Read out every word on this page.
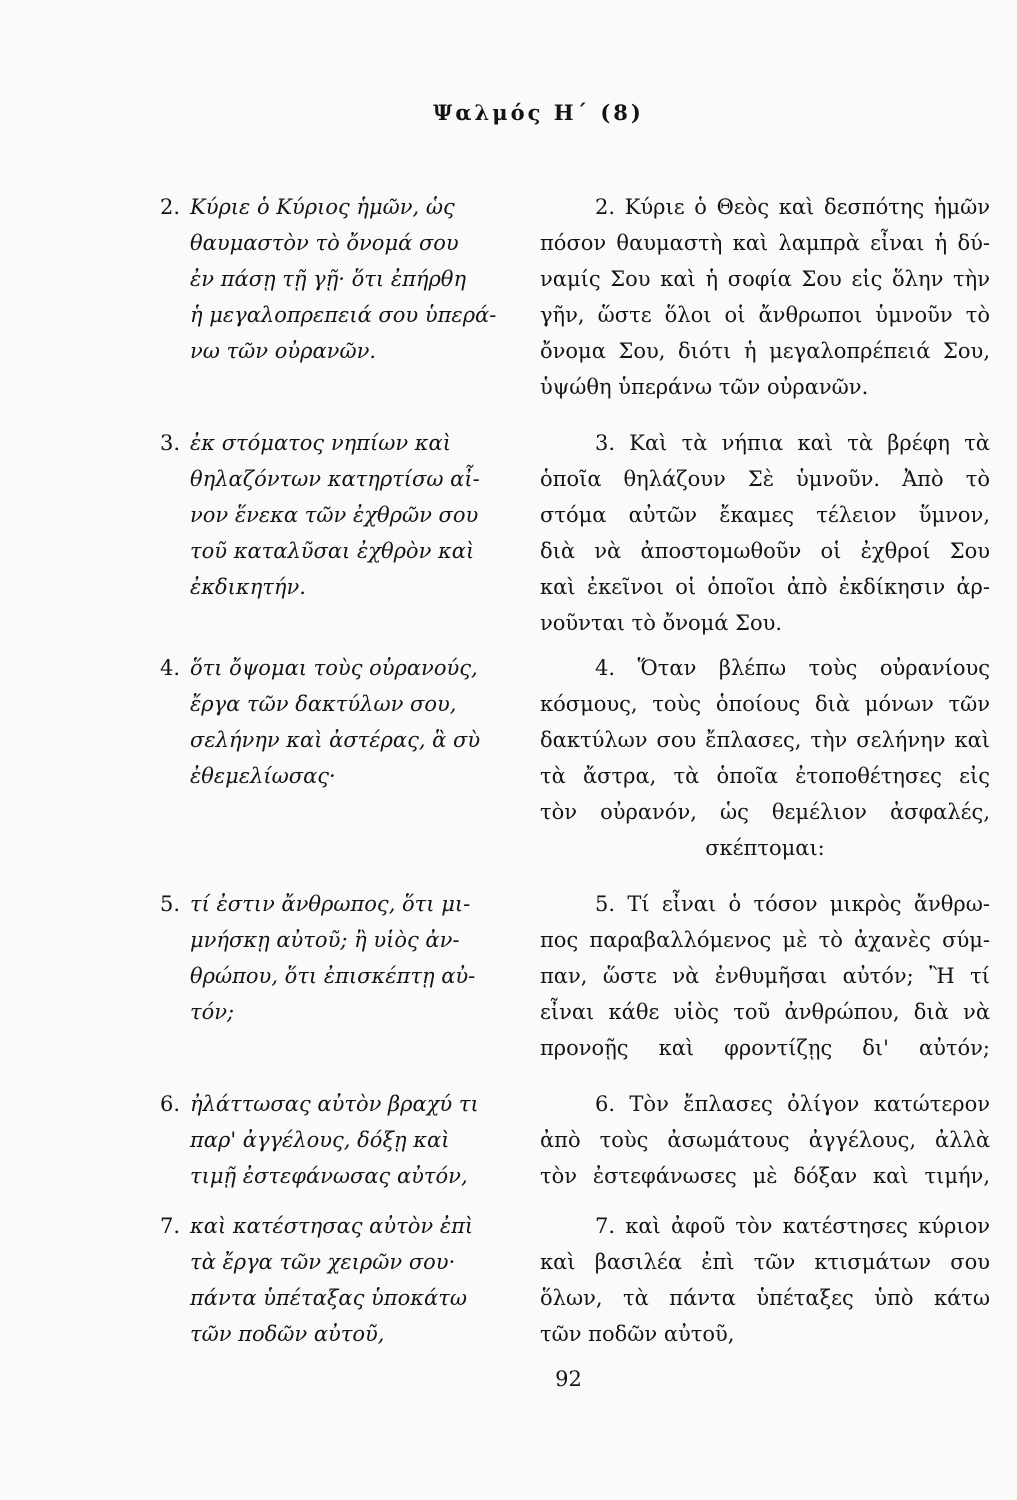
Ψαλμός Η΄ (8)
2. Κύριε ὁ Κύριος ἡμῶν, ὡς
θαυμαστὸν τὸ ὄνομά σου
ἐν πάσῃ τῇ γῇ· ὅτι ἐπήρθη
ἡ μεγαλοπρεπειά σου ὑπερά-
νω τῶν οὐρανῶν.
2. Κύριε ὁ Θεὸς καὶ δεσπότης ἡμῶν
πόσον θαυμαστὴ καὶ λαμπρὰ εἶναι ἡ δύ-
ναμίς Σου καὶ ἡ σοφία Σου εἰς ὅλην τὴν
γῆν, ὥστε ὅλοι οἱ ἄνθρωποι ὑμνοῦν τὸ
ὄνομα Σου, διότι ἡ μεγαλοπρέπειά Σου,
ὑψώθη ὑπεράνω τῶν οὐρανῶν.
3. ἐκ στόματος νηπίων καὶ
θηλαζόντων κατηρτίσω αἶ-
νον ἕνεκα τῶν ἐχθρῶν σου
τοῦ καταλῦσαι ἐχθρὸν καὶ
ἐκδικητήν.
3. Καὶ τὰ νήπια καὶ τὰ βρέφη τὰ
ὁποῖα θηλάζουν Σὲ ὑμνοῦν. Ἀπὸ τὸ
στόμα αὐτῶν ἔκαμες τέλειον ὕμνον,
διὰ νὰ ἀποστομωθοῦν οἱ ἐχθροί Σου
καὶ ἐκεῖνοι οἱ ὁποῖοι ἀπὸ ἐκδίκησιν ἀρ-
νοῦνται τὸ ὄνομά Σου.
4. ὅτι ὄψομαι τοὺς οὐρανούς,
ἔργα τῶν δακτύλων σου,
σελήνην καὶ ἀστέρας, ἃ σὺ
ἐθεμελίωσας·
4. Ὅταν βλέπω τοὺς οὐρανίους
κόσμους, τοὺς ὁποίους διὰ μόνων τῶν
δακτύλων σου ἔπλασες, τὴν σελήνην καὶ
τὰ ἄστρα, τὰ ὁποῖα ἐτοποθέτησες εἰς
τὸν οὐρανόν, ὡς θεμέλιον ἀσφαλές,
σκέπτομαι:
5. τί ἐστιν ἄνθρωπος, ὅτι μι-
μνήσκῃ αὐτοῦ; ἢ υἱὸς ἀν-
θρώπου, ὅτι ἐπισκέπτῃ αὐ-
τόν;
5. Τί εἶναι ὁ τόσον μικρὸς ἄνθρω-
πος παραβαλλόμενος μὲ τὸ ἀχανὲς σύμ-
παν, ὥστε νὰ ἐνθυμῆσαι αὐτόν; Ἢ τί
εἶναι κάθε υἱὸς τοῦ ἀνθρώπου, διὰ νὰ
προνοῇς καὶ φροντίζῃς δι' αὐτόν;
6. ἠλάττωσας αὐτὸν βραχύ τι
παρ' ἀγγέλους, δόξῃ καὶ
τιμῇ ἐστεφάνωσας αὐτόν,
6. Τὸν ἔπλασες ὀλίγον κατώτερον
ἀπὸ τοὺς ἀσωμάτους ἀγγέλους, ἀλλὰ
τὸν ἐστεφάνωσες μὲ δόξαν καὶ τιμήν,
7. καὶ κατέστησας αὐτὸν ἐπὶ
τὰ ἔργα τῶν χειρῶν σου·
πάντα ὑπέταξας ὑποκάτω
τῶν ποδῶν αὐτοῦ,
7. καὶ ἀφοῦ τὸν κατέστησες κύριον
καὶ βασιλέα ἐπὶ τῶν κτισμάτων σου
ὅλων, τὰ πάντα ὑπέταξες ὑπὸ κάτω
τῶν ποδῶν αὐτοῦ,
92
